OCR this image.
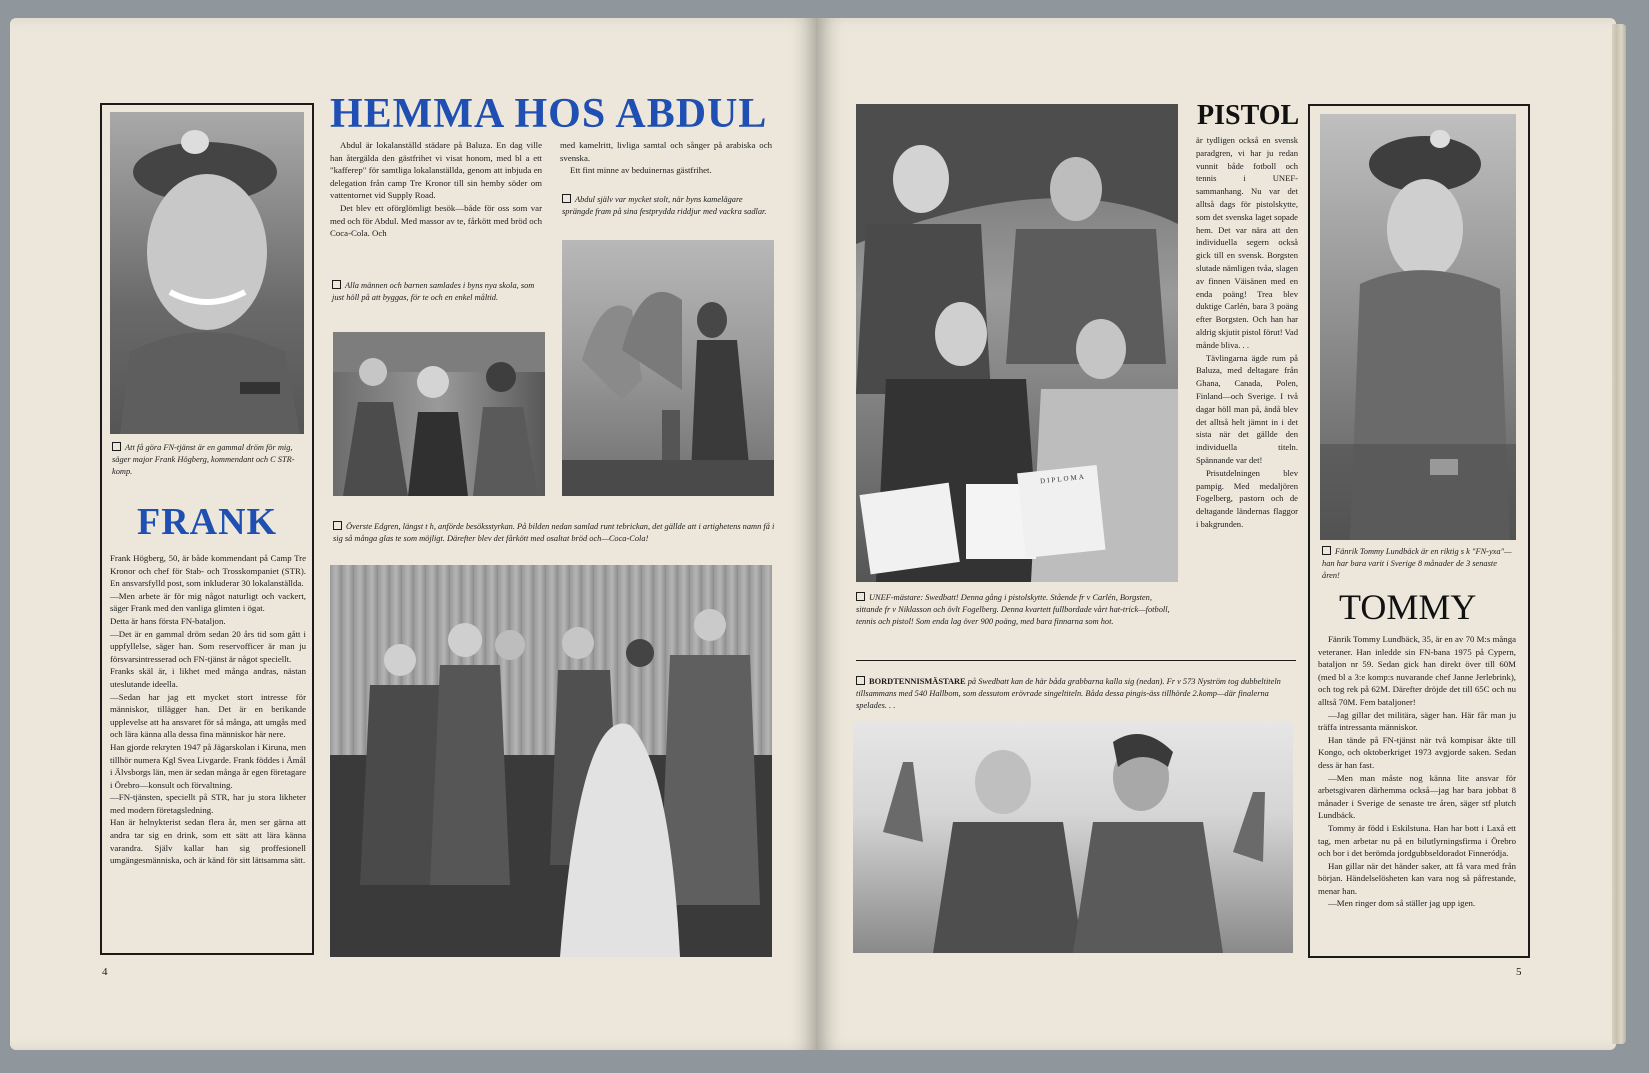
Att få göra FN-tjänst är en gammal dröm för mig, säger major Frank Högberg, kommendant och C STR-komp.
FRANK

Frank Högberg, 50, är både kommendant på Camp Tre Kronor och chef för Stab- och Trosskompaniet (STR). En ansvarsfylld post, som inkluderar 30 lokalanställda.

—Men arbete är för mig något naturligt och vackert, säger Frank med den vanliga glimten i ögat.

Detta är hans första FN-bataljon.

—Det är en gammal dröm sedan 20 års tid som gått i uppfyllelse, säger han. Som reservofficer är man ju försvarsintresserad och FN-tjänst är något speciellt.

Franks skäl är, i likhet med många andras, nästan uteslutande ideella.

—Sedan har jag ett mycket stort intresse för människor, tillägger han. Det är en berikande upplevelse att ha ansvaret för så många, att umgås med och lära känna alla dessa fina människor här nere.

Han gjorde rekryten 1947 på Jägarskolan i Kiruna, men tillhör numera Kgl Svea Livgarde. Frank föddes i Åmål i Älvsborgs län, men är sedan många år egen företagare i Örebro—konsult och förvaltning.

—FN-tjänsten, speciellt på STR, har ju stora likheter med modern företagsledning.

Han är helnykterist sedan flera år, men ser gärna att andra tar sig en drink, som ett sätt att lära känna varandra. Själv kallar han sig proffesionell umgängesmänniska, och är känd för sitt lättsamma sätt.

HEMMA HOS ABDUL

Abdul är lokalanställd städare på Baluza. En dag ville han återgälda den gästfrihet vi visat honom, med bl a ett "kafferep" för samtliga lokalanställda, genom att inbjuda en delegation från camp Tre Kronor till sin hemby söder om vattentornet vid Supply Road.

Det blev ett oförglömligt besök—både för oss som var med och för Abdul. Med massor av te, fårkött med bröd och Coca-Cola. Och

med kamelritt, livliga samtal och sånger på arabiska och svenska.

Ett fint minne av beduinernas gästfrihet.

Abdul själv var mycket stolt, när byns kamelägare sprängde fram på sina festprydda riddjur med vackra sadlar.
Alla männen och barnen samlades i byns nya skola, som just höll på att byggas, för te och en enkel måltid.
Överste Edgren, längst t h, anförde besöksstyrkan. På bilden nedan samlad runt tebrickan, det gällde att i artighetens namn få i sig så många glas te som möjligt. Därefter blev det fårkött med osaltat bröd och—Coca-Cola!
4
DIPLOMA
UNEF-mästare: Swedbatt! Denna gång i pistolskytte. Stående fr v Carlén, Borgsten, sittande fr v Niklasson och övlt Fogelberg. Denna kvartett fullbordade vårt hat-trick—fotboll, tennis och pistol! Som enda lag över 900 poäng, med bara finnarna som hot.
PISTOL

är tydligen också en svensk paradgren, vi har ju redan vunnit både fotboll och tennis i UNEF- sammanhang. Nu var det alltså dags för pistolskytte, som det svenska laget sopade hem. Det var nära att den individuella segern också gick till en svensk. Borgsten slutade nämligen tvåa, slagen av finnen Väisänen med en enda poäng! Trea blev duktige Carlén, bara 3 poäng efter Borgsten. Och han har aldrig skjutit pistol förut! Vad månde bliva. . .

Tävlingarna ägde rum på Baluza, med deltagare från Ghana, Canada, Polen, Finland—och Sverige. I två dagar höll man på, ändå blev det alltså helt jämnt in i det sista när det gällde den individuella titeln. Spännande var det!

Prisutdelningen blev pampig. Med medaljören Fogelberg, pastorn och de deltagande ländernas flaggor i bakgrunden.

BORDTENNISMÄSTARE på Swedbatt kan de här båda grabbarna kalla sig (nedan). Fr v 573 Nyström tog dubbeltiteln tillsammans med 540 Hallbom, som dessutom erövrade singeltiteln. Båda dessa pingis-äss tillhörde 2.komp—där finalerna spelades. . .
Fänrik Tommy Lundbäck är en riktig s k "FN-yxa"—han har bara varit i Sverige 8 månader de 3 senaste åren!
TOMMY

Fänrik Tommy Lundbäck, 35, är en av 70 M:s många veteraner. Han inledde sin FN-bana 1975 på Cypern, bataljon nr 59. Sedan gick han direkt över till 60M (med bl a 3:e komp:s nuvarande chef Janne Jerlebrink), och tog rek på 62M. Därefter dröjde det till 65C och nu alltså 70M. Fem bataljoner!

—Jag gillar det militära, säger han. Här får man ju träffa intressanta människor.

Han tände på FN-tjänst när två kompisar åkte till Kongo, och oktoberkriget 1973 avgjorde saken. Sedan dess är han fast.

—Men man måste nog känna lite ansvar för arbetsgivaren därhemma också—jag har bara jobbat 8 månader i Sverige de senaste tre åren, säger stf plutch Lundbäck.

Tommy är född i Eskilstuna. Han har bott i Laxå ett tag, men arbetar nu på en bilutlyrningsfirma i Örebro och bor i det berömda jordgubbseldoradot Finneródja.

Han gillar när det händer saker, att få vara med från början. Händelselösheten kan vara nog så påfrestande, menar han.

—Men ringer dom så ställer jag upp igen.

5
